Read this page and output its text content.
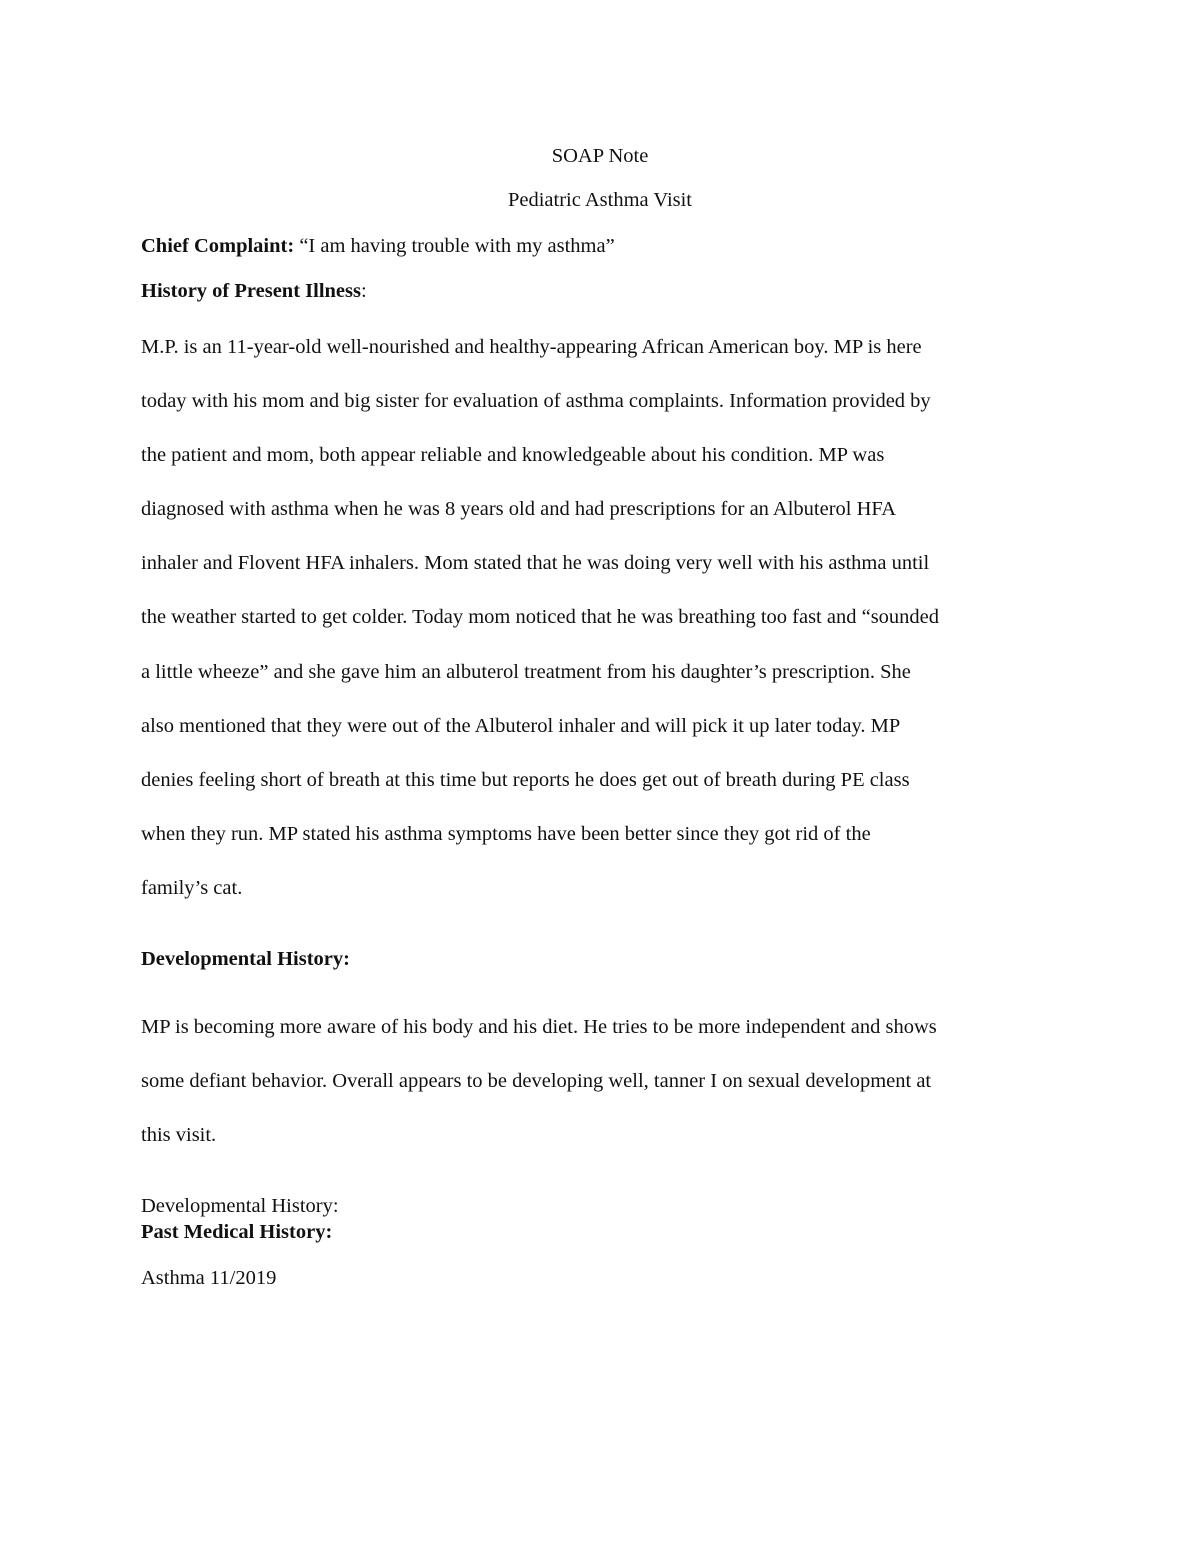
SOAP Note
Pediatric Asthma Visit
Chief Complaint: “I am having trouble with my asthma”
History of Present Illness:
M.P. is an 11-year-old well-nourished and healthy-appearing African American boy. MP is here
today with his mom and big sister for evaluation of asthma complaints. Information provided by
the patient and mom, both appear reliable and knowledgeable about his condition. MP was
diagnosed with asthma when he was 8 years old and had prescriptions for an Albuterol HFA
inhaler and Flovent HFA inhalers. Mom stated that he was doing very well with his asthma until
the weather started to get colder. Today mom noticed that he was breathing too fast and “sounded
a little wheeze” and she gave him an albuterol treatment from his daughter’s prescription. She
also mentioned that they were out of the Albuterol inhaler and will pick it up later today. MP
denies feeling short of breath at this time but reports he does get out of breath during PE class
when they run. MP stated his asthma symptoms have been better since they got rid of the
family’s cat.
Developmental History:
MP is becoming more aware of his body and his diet. He tries to be more independent and shows
some defiant behavior. Overall appears to be developing well, tanner I on sexual development at
this visit.
Developmental History:
Past Medical History:
Asthma 11/2019
